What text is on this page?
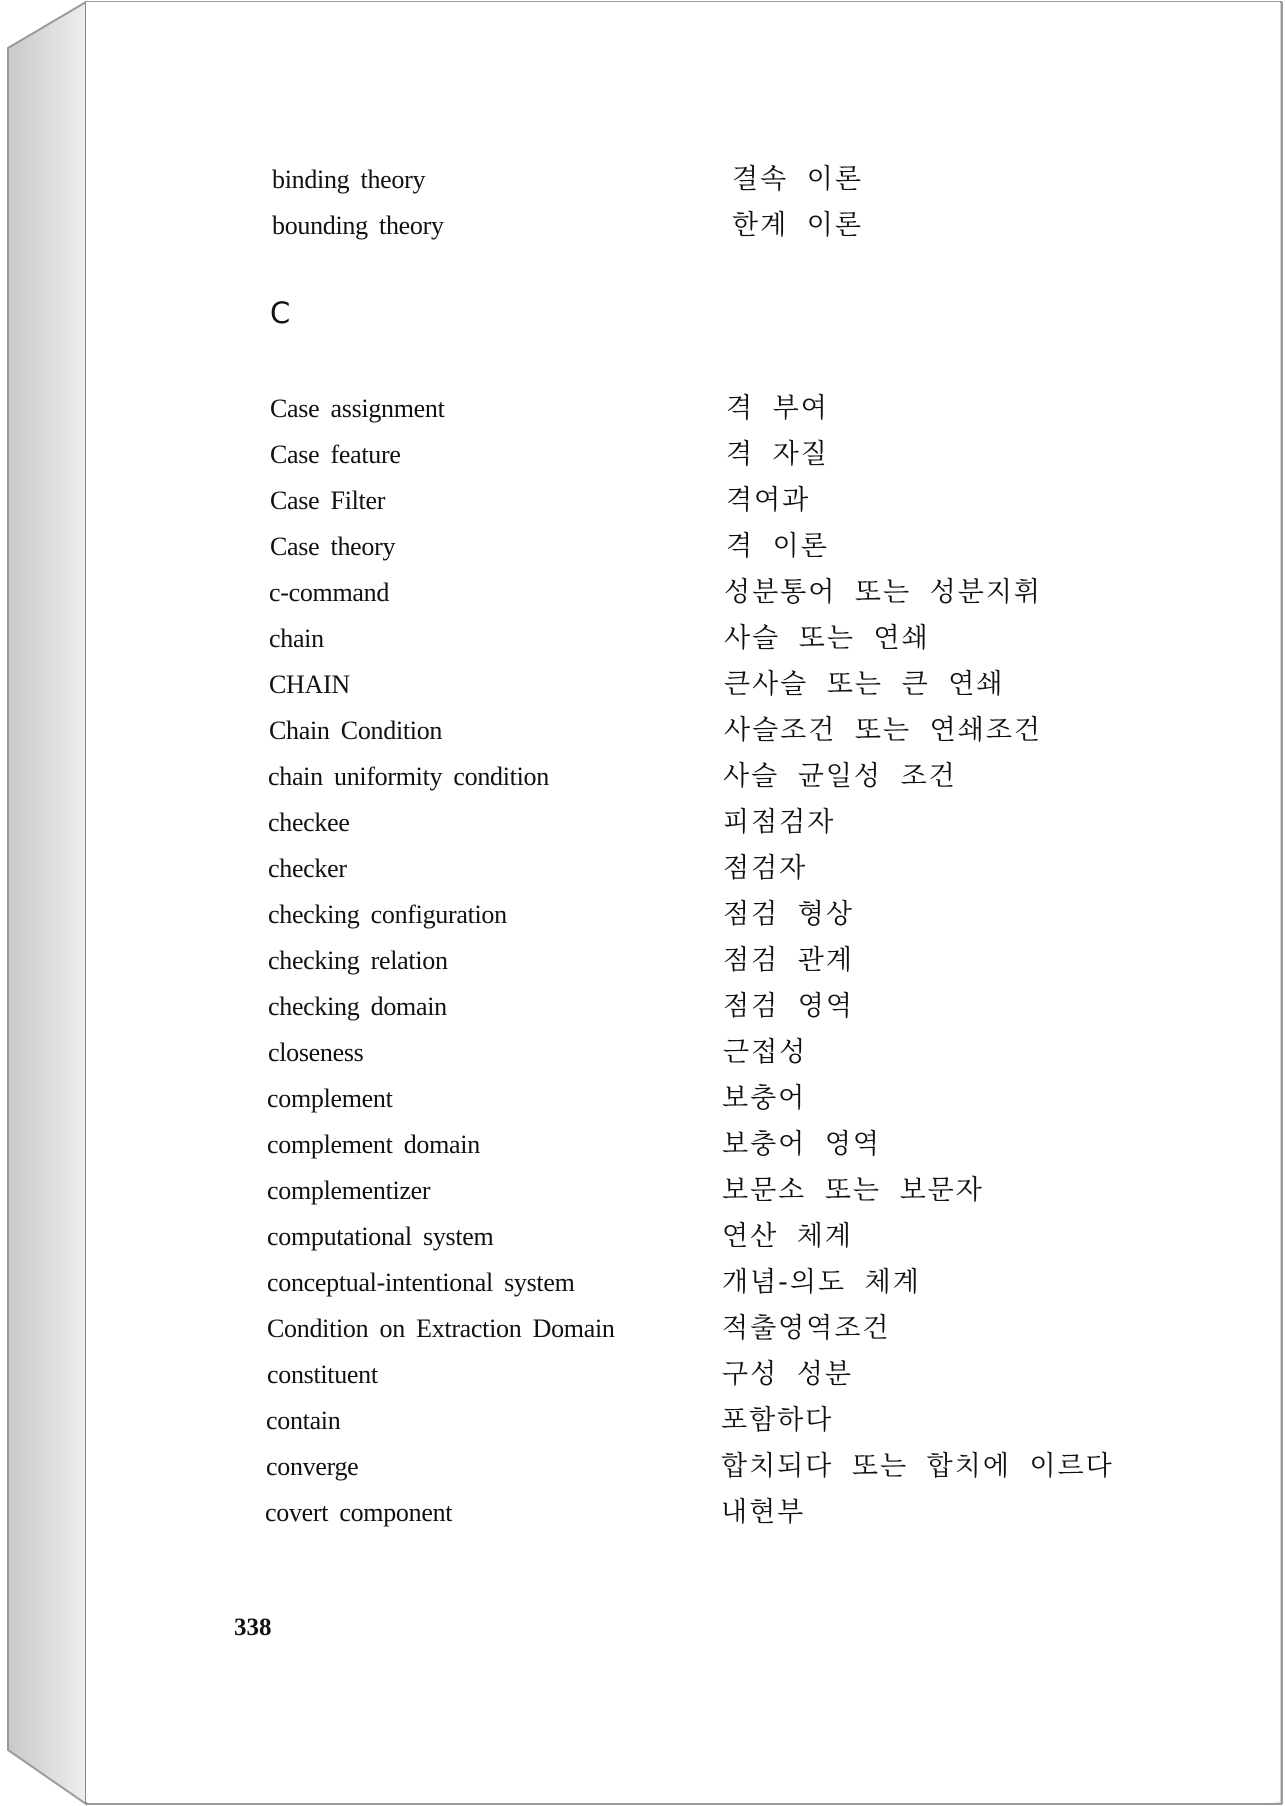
binding theory	결속 이론
bounding theory	한계 이론
C
Case assignment	격 부여
Case feature	격 자질
Case Filter	격여과
Case theory	격 이론
c-command	성분통어 또는 성분지휘
chain	사슬 또는 연쇄
CHAIN	큰사슬 또는 큰 연쇄
Chain Condition	사슬조건 또는 연쇄조건
chain uniformity condition	사슬 균일성 조건
checkee	피점검자
checker	점검자
checking configuration	점검 형상
checking relation	점검 관계
checking domain	점검 영역
closeness	근접성
complement	보충어
complement domain	보충어 영역
complementizer	보문소 또는 보문자
computational system	연산 체계
conceptual-intentional system	개념-의도 체계
Condition on Extraction Domain	적출영역조건
constituent	구성 성분
contain	포함하다
converge	합치되다 또는 합치에 이르다
covert component	내현부
338
